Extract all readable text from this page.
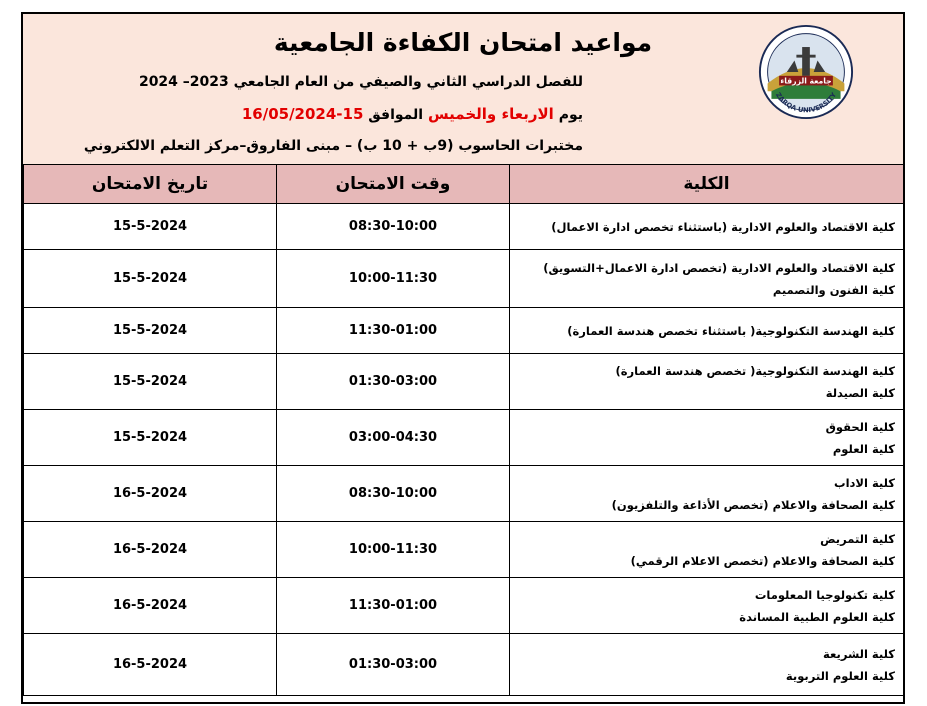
جامعة الزرقاء
ZARQA UNIVERSITY
مواعيد امتحان الكفاءة الجامعية
للفصل الدراسي الثاني والصيفي من العام الجامعي 2023– 2024
يوم الاربعاء والخميس الموافق 15-16/05/2024
مختبرات الحاسوب (9ب + 10 ب) – مبنى الفاروق–مركز التعلم الالكتروني
الكلية	وقت الامتحان	تاريخ الامتحان

كلية الاقتصاد والعلوم الادارية (باستثناء تخصص ادارة الاعمال)	08:30-10:00	15-5-2024

كلية الاقتصاد والعلوم الادارية (تخصص ادارة الاعمال+التسويق)
كلية الفنون والتصميم	10:00-11:30	15-5-2024

كلية الهندسة التكنولوجية( باستثناء تخصص هندسة العمارة)	11:30-01:00	15-5-2024

كلية الهندسة التكنولوجية( تخصص هندسة العمارة)
كلية الصيدلة	01:30-03:00	15-5-2024

كلية الحقوق
كلية العلوم	03:00-04:30	15-5-2024

كلية الاداب
كلية الصحافة والاعلام (تخصص الأذاعة والتلفزيون)	08:30-10:00	16-5-2024

كلية التمريض
كلية الصحافة والاعلام (تخصص الاعلام الرقمي)	10:00-11:30	16-5-2024

كلية تكنولوجيا المعلومات
كلية العلوم الطبية المساندة	11:30-01:00	16-5-2024

كلية الشريعة
كلية العلوم التربوية	01:30-03:00	16-5-2024
